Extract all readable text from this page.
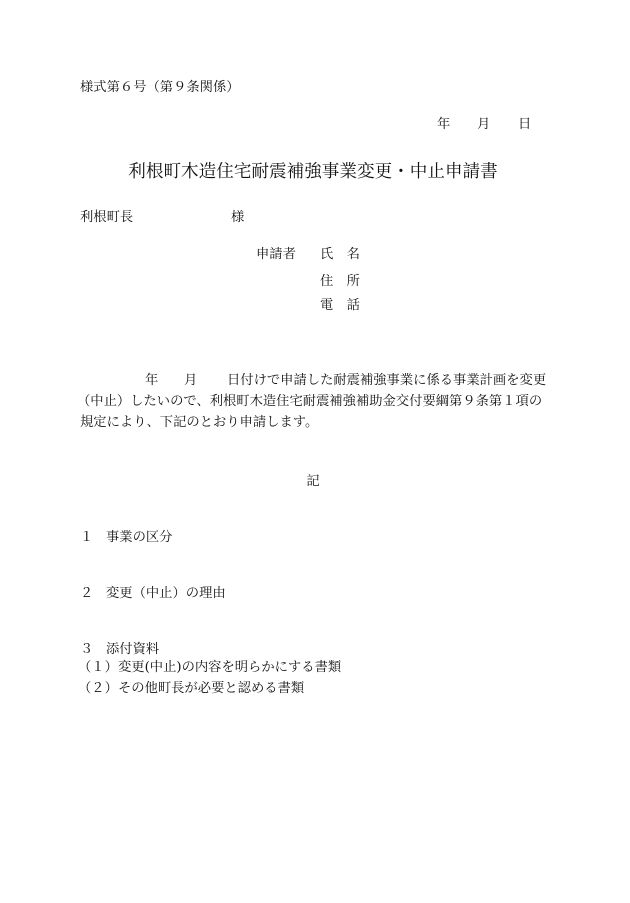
様式第６号（第９条関係）
年 月 日
利根町木造住宅耐震補強事業変更・中止申請書
利根町長	様
申請者 氏　名
住　所
電　話
年 月 日付けで申請した耐震補強事業に係る事業計画を変更
（中止）したいので、利根町木造住宅耐震補強補助金交付要綱第９条第１項の
規定により、下記のとおり申請します。
記
１ 事業の区分
２ 変更（中止）の理由
３ 添付資料
（１） 変更(中止)の内容を明らかにする書類
（２） その他町長が必要と認める書類
